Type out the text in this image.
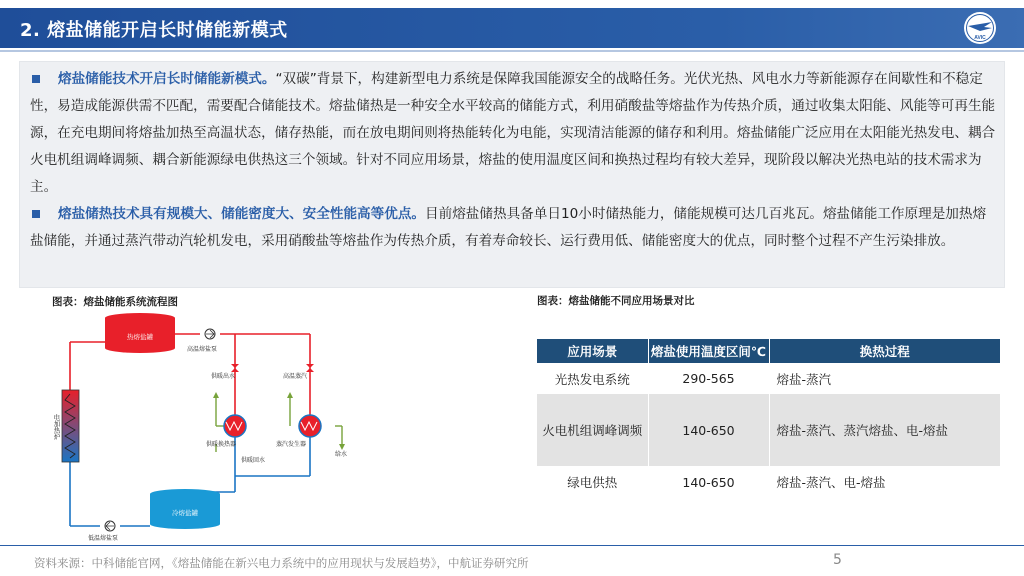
2. 熔盐储能开启长时储能新模式	AVIC
熔盐储能技术开启长时储能新模式。“双碳”背景下，构建新型电力系统是保障我国能源安全的战略任务。光伏光热、风电水力等新能源存在间歇性和不稳定性，易造成能源供需不匹配，需要配合储能技术。熔盐储热是一种安全水平较高的储能方式，利用硝酸盐等熔盐作为传热介质，通过收集太阳能、风能等可再生能源，在充电期间将熔盐加热至高温状态，储存热能，而在放电期间则将热能转化为电能，实现清洁能源的储存和利用。熔盐储能广泛应用在太阳能光热发电、耦合火电机组调峰调频、耦合新能源绿电供热这三个领域。针对不同应用场景，熔盐的使用温度区间和换热过程均有较大差异，现阶段以解决光热电站的技术需求为主。
熔盐储热技术具有规模大、储能密度大、安全性能高等优点。目前熔盐储热具备单日10小时储热能力，储能规模可达几百兆瓦。熔盐储能工作原理是加热熔盐储能，并通过蒸汽带动汽轮机发电，采用硝酸盐等熔盐作为传热介质，有着寿命较长、运行费用低、储能密度大的优点，同时整个过程不产生污染排放。
图表：熔盐储能系统流程图	图表：熔盐储能不同应用场景对比
热熔盐罐
冷熔盐罐
电加热炉
高温熔盐泵
低温熔盐泵
供暖出水
供暖换热器
供暖回水
高温蒸汽
蒸汽发生器
给水
应用场景	熔盐使用温度区间℃	换热过程
光热发电系统	290-565	熔盐-蒸汽
火电机组调峰调频	140-650	熔盐-蒸汽、蒸汽熔盐、电-熔盐
绿电供热	140-650	熔盐-蒸汽、电-熔盐
资料来源：中科储能官网，《熔盐储能在新兴电力系统中的应用现状与发展趋势》，中航证券研究所	5
